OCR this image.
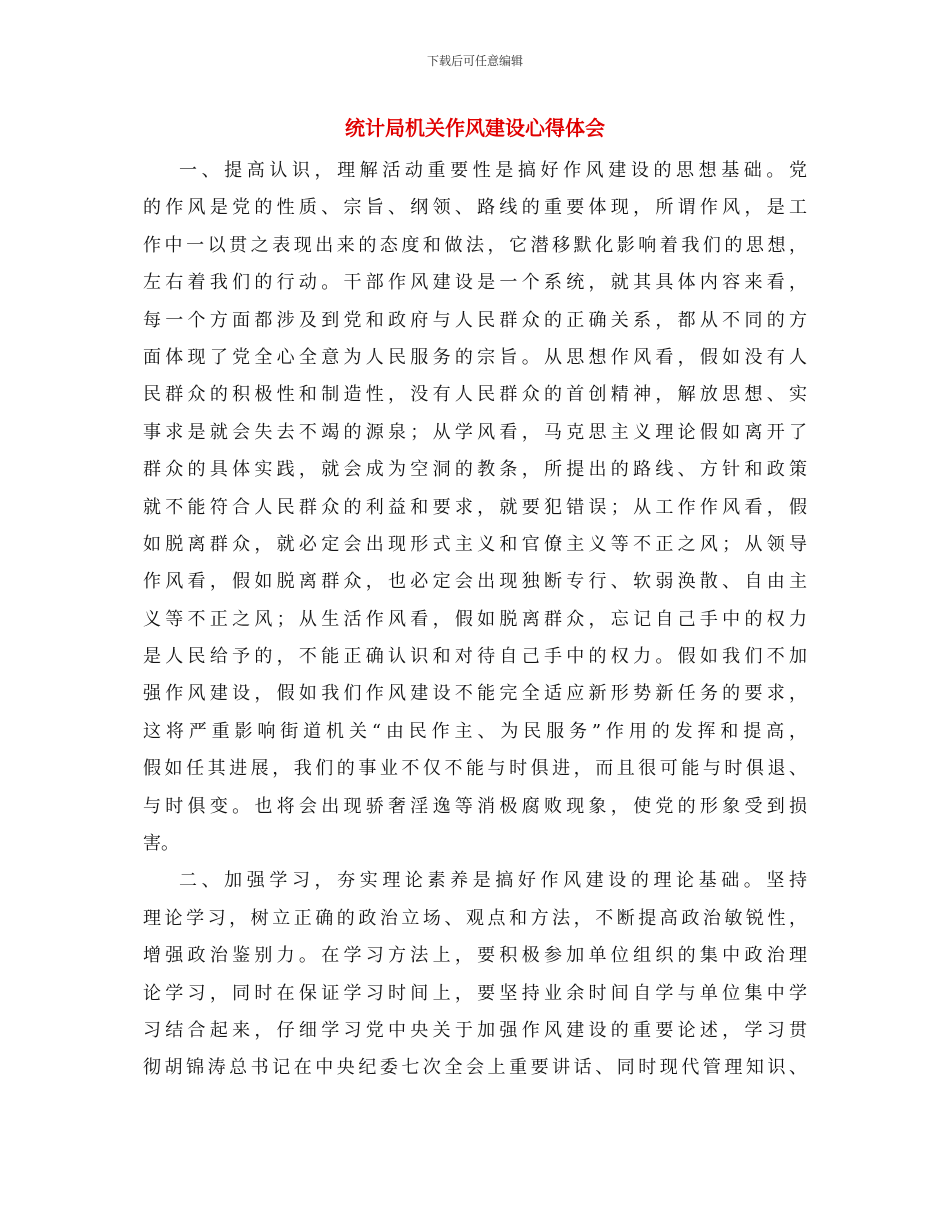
下载后可任意编辑
统计局机关作风建设心得体会
一、提高认识，理解活动重要性是搞好作风建设的思想基础。党
的作风是党的性质、宗旨、纲领、路线的重要体现，所谓作风，是工
作中一以贯之表现出来的态度和做法，它潜移默化影响着我们的思想，
左右着我们的行动。干部作风建设是一个系统，就其具体内容来看，
每一个方面都涉及到党和政府与人民群众的正确关系，都从不同的方
面体现了党全心全意为人民服务的宗旨。从思想作风看，假如没有人
民群众的积极性和制造性，没有人民群众的首创精神，解放思想、实
事求是就会失去不竭的源泉；从学风看，马克思主义理论假如离开了
群众的具体实践，就会成为空洞的教条，所提出的路线、方针和政策
就不能符合人民群众的利益和要求，就要犯错误；从工作作风看，假
如脱离群众，就必定会出现形式主义和官僚主义等不正之风；从领导
作风看，假如脱离群众，也必定会出现独断专行、软弱涣散、自由主
义等不正之风；从生活作风看，假如脱离群众，忘记自己手中的权力
是人民给予的，不能正确认识和对待自己手中的权力。假如我们不加
强作风建设，假如我们作风建设不能完全适应新形势新任务的要求，
这将严重影响街道机关“由民作主、为民服务”作用的发挥和提高，
假如任其进展，我们的事业不仅不能与时俱进，而且很可能与时俱退、
与时俱变。也将会出现骄奢淫逸等消极腐败现象，使党的形象受到损
害。
二、加强学习，夯实理论素养是搞好作风建设的理论基础。坚持
理论学习，树立正确的政治立场、观点和方法，不断提高政治敏锐性，
增强政治鉴别力。在学习方法上，要积极参加单位组织的集中政治理
论学习，同时在保证学习时间上，要坚持业余时间自学与单位集中学
习结合起来，仔细学习党中央关于加强作风建设的重要论述，学习贯
彻胡锦涛总书记在中央纪委七次全会上重要讲话、同时现代管理知识、
